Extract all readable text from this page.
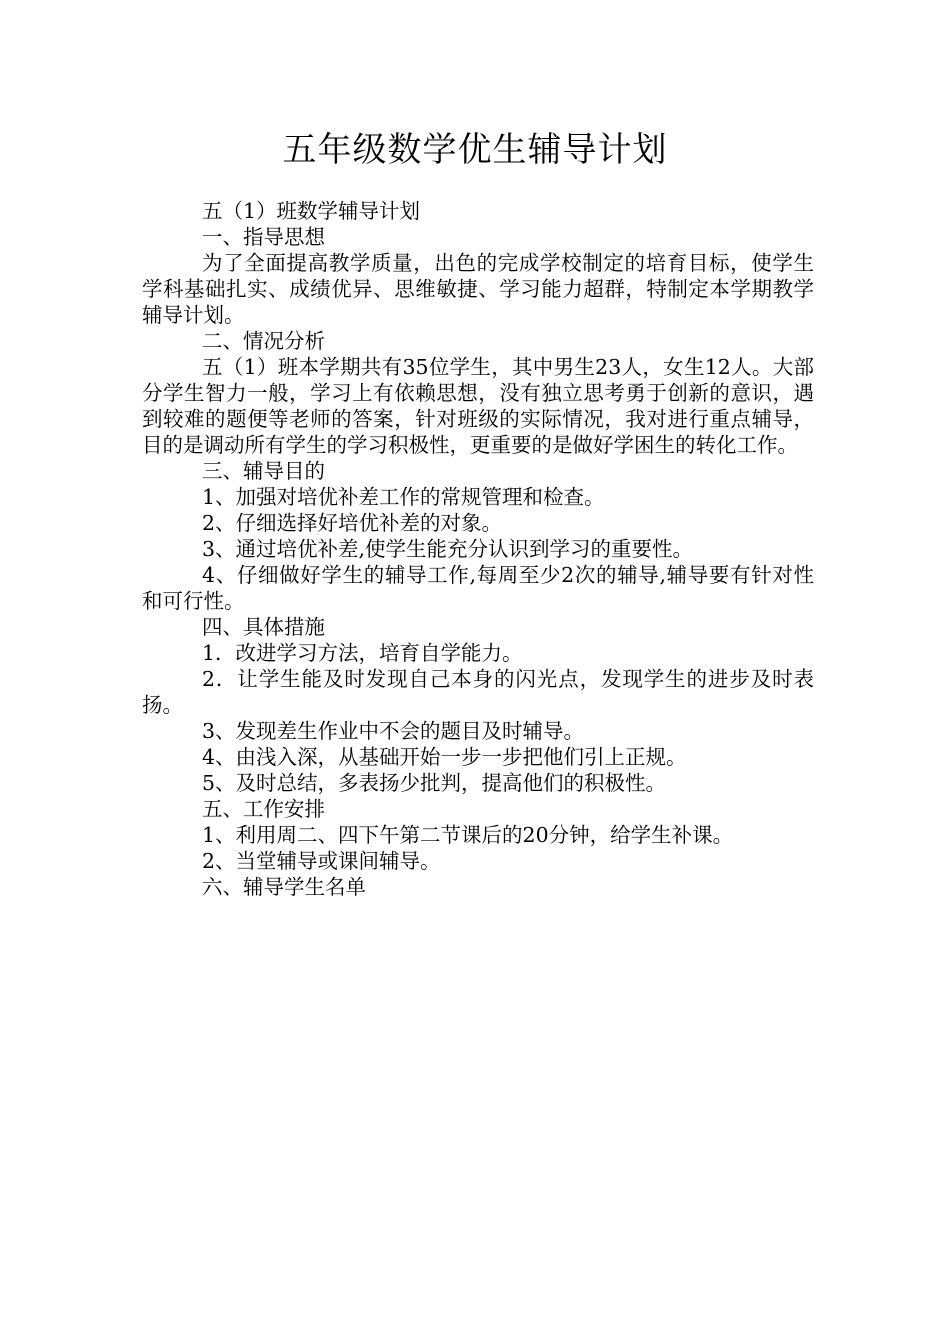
五年级数学优生辅导计划

五（1）班数学辅导计划

一、指导思想

为了全面提高教学质量，出色的完成学校制定的培育目标，使学生学科基础扎实、成绩优异、思维敏捷、学习能力超群，特制定本学期教学辅导计划。

二、情况分析

五（1）班本学期共有35位学生，其中男生23人，女生12人。大部分学生智力一般，学习上有依赖思想，没有独立思考勇于创新的意识，遇到较难的题便等老师的答案，针对班级的实际情况，我对进行重点辅导，目的是调动所有学生的学习积极性，更重要的是做好学困生的转化工作。

三、辅导目的

1、加强对培优补差工作的常规管理和检查。

2、仔细选择好培优补差的对象。

3、通过培优补差,使学生能充分认识到学习的重要性。

4、仔细做好学生的辅导工作,每周至少2次的辅导,辅导要有针对性和可行性。

四、具体措施

1．改进学习方法，培育自学能力。

2．让学生能及时发现自己本身的闪光点，发现学生的进步及时表扬。

3、发现差生作业中不会的题目及时辅导。

4、由浅入深，从基础开始一步一步把他们引上正规。

5、及时总结，多表扬少批判，提高他们的积极性。

五、工作安排

1、利用周二、四下午第二节课后的20分钟，给学生补课。

2、当堂辅导或课间辅导。

六、辅导学生名单
